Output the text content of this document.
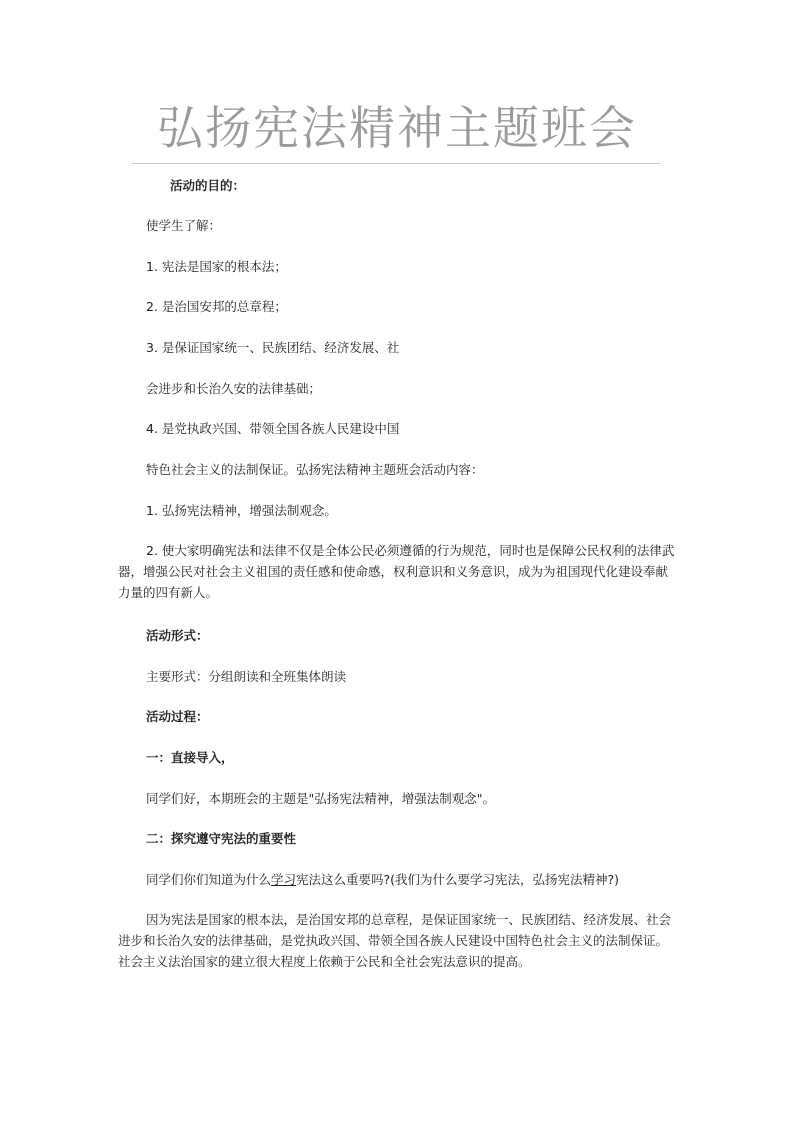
弘扬宪法精神主题班会
活动的目的：
使学生了解：
1. 宪法是国家的根本法；
2. 是治国安邦的总章程；
3. 是保证国家统一、民族团结、经济发展、社
会进步和长治久安的法律基础；
4. 是党执政兴国、带领全国各族人民建设中国
特色社会主义的法制保证。弘扬宪法精神主题班会活动内容：
1. 弘扬宪法精神，增强法制观念。
2. 使大家明确宪法和法律不仅是全体公民必须遵循的行为规范，同时也是保障公民权利的法律武器，增强公民对社会主义祖国的责任感和使命感，权利意识和义务意识，成为为祖国现代化建设奉献力量的四有新人。
活动形式：
主要形式：分组朗读和全班集体朗读
活动过程：
一：直接导入，
同学们好，本期班会的主题是"弘扬宪法精神，增强法制观念"。
二：探究遵守宪法的重要性
同学们你们知道为什么学习宪法这么重要吗?(我们为什么要学习宪法，弘扬宪法精神?)
因为宪法是国家的根本法，是治国安邦的总章程，是保证国家统一、民族团结、经济发展、社会进步和长治久安的法律基础，是党执政兴国、带领全国各族人民建设中国特色社会主义的法制保证。社会主义法治国家的建立很大程度上依赖于公民和全社会宪法意识的提高。
